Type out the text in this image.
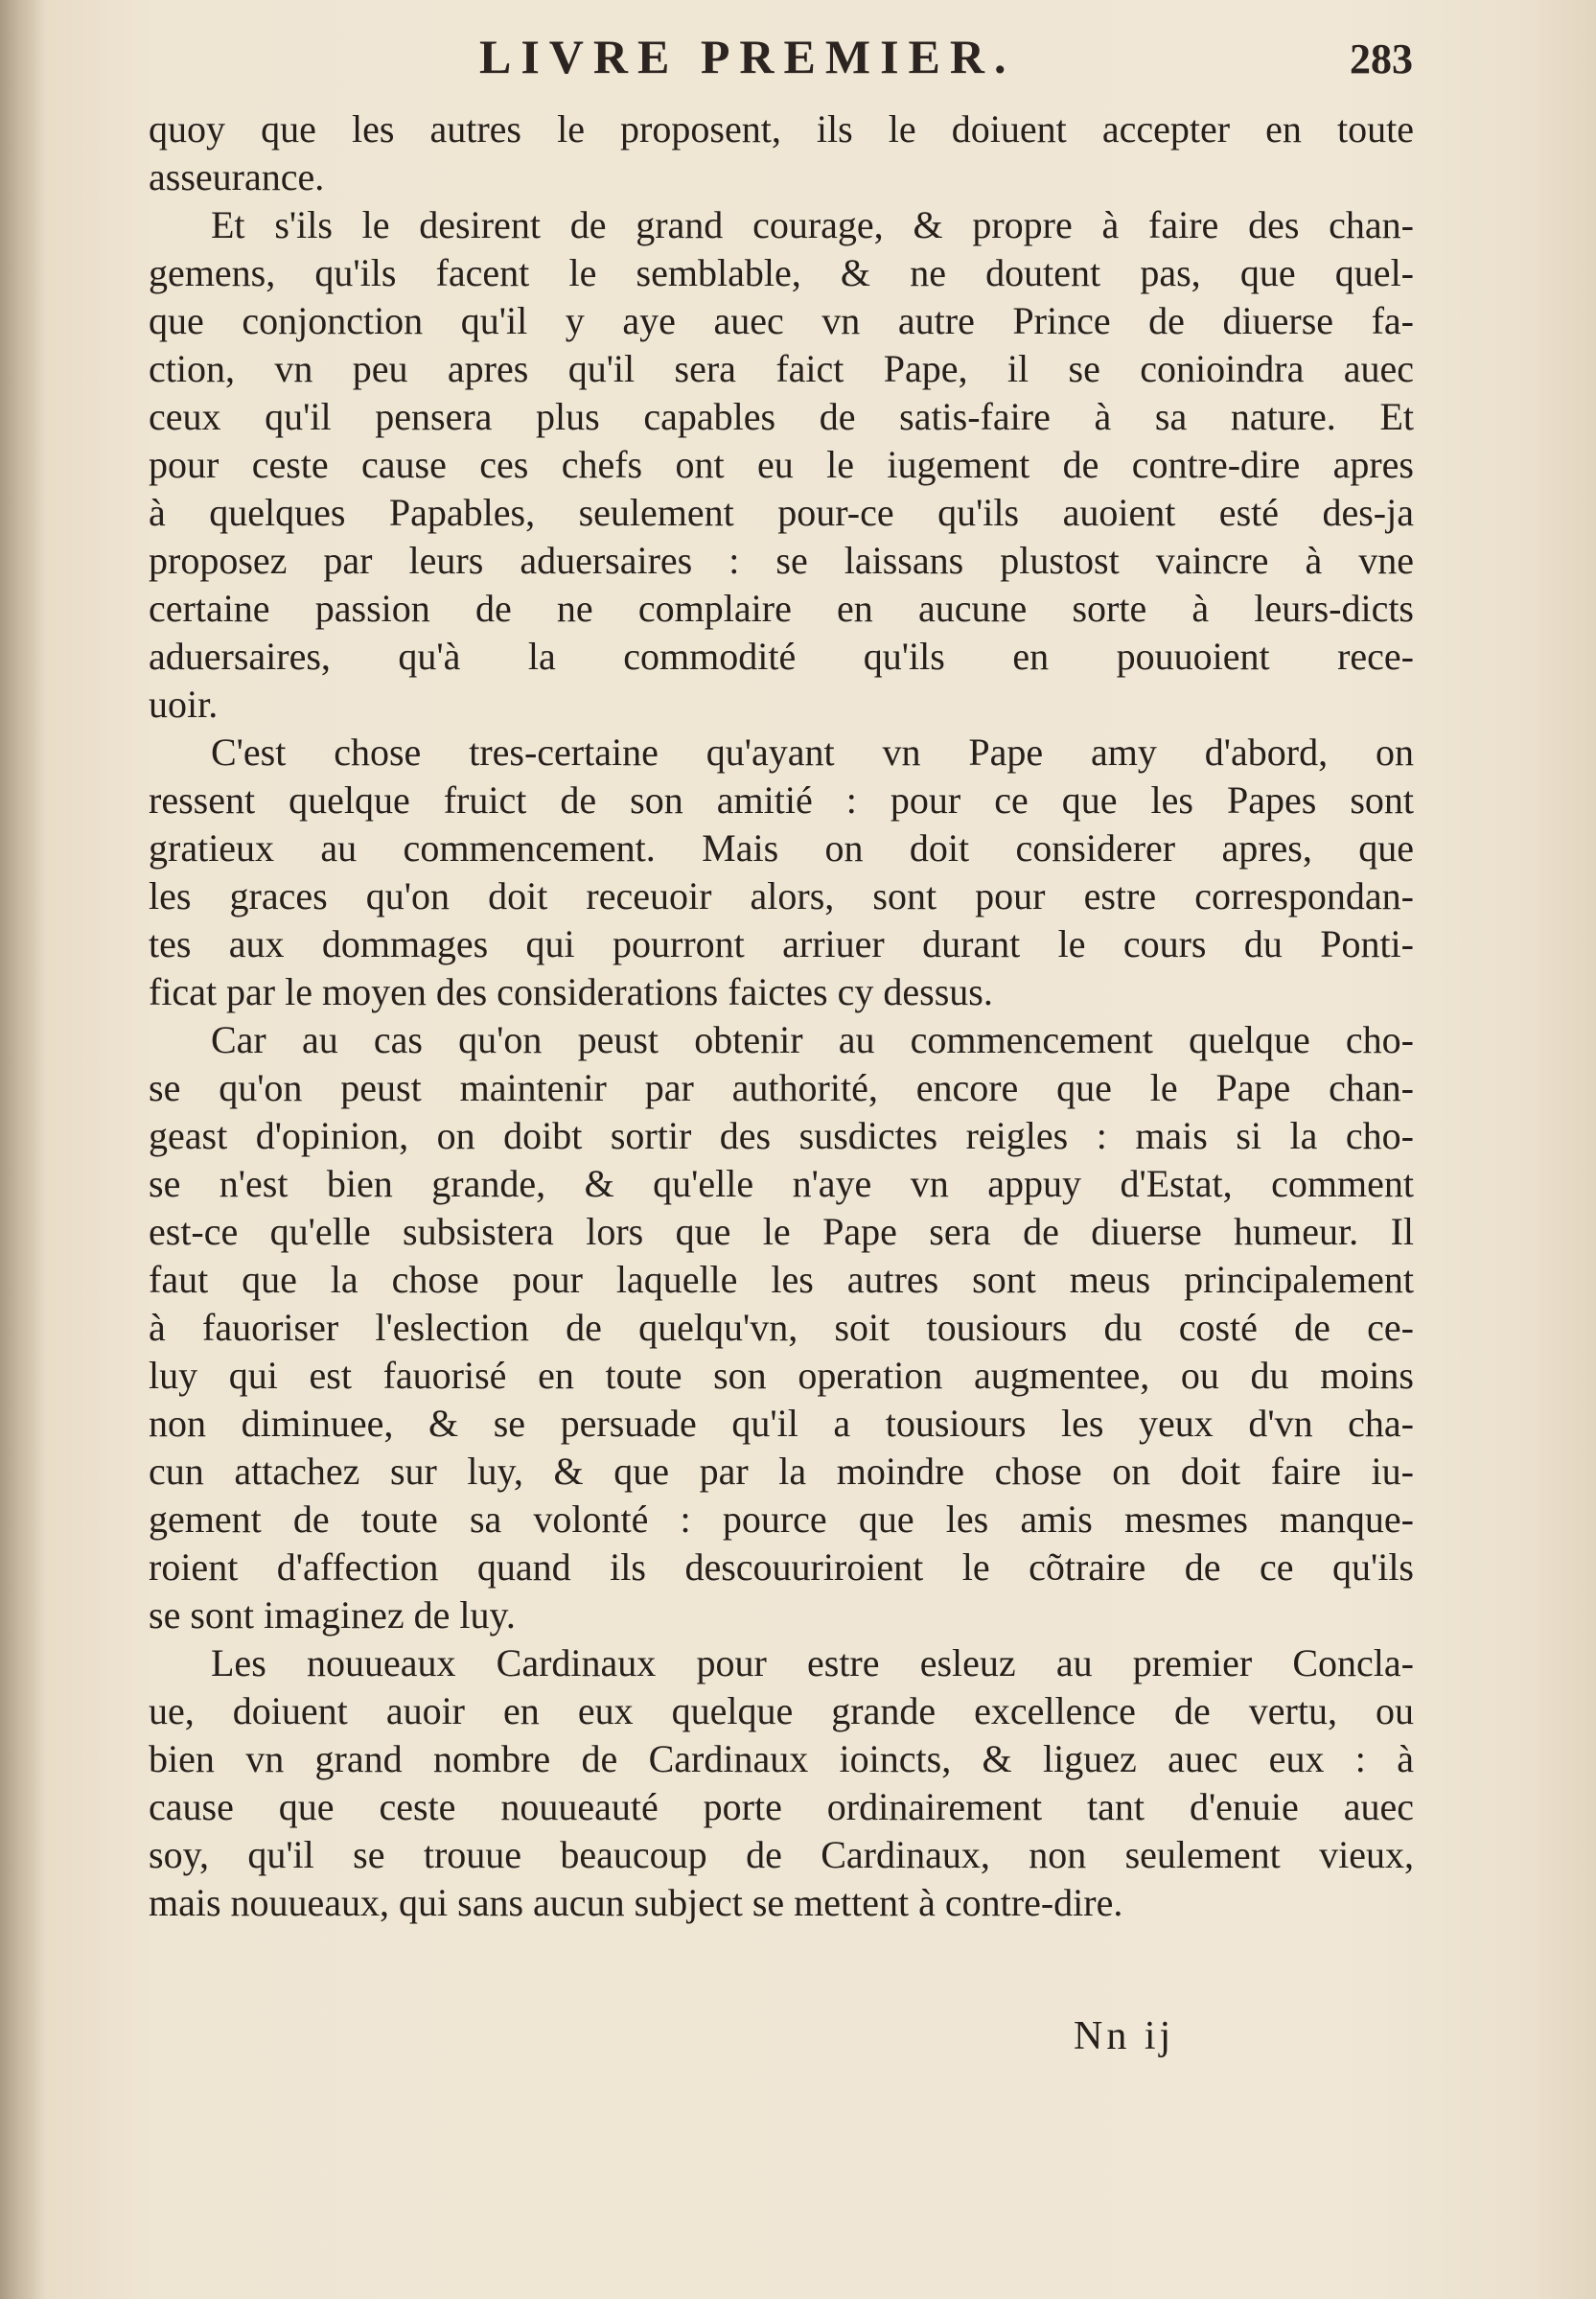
LIVRE PREMIER.	283
quoy que les autres le proposent, ils le doiuent accepter en toute
asseurance.
Et s'ils le desirent de grand courage, & propre à faire des chan-
gemens, qu'ils facent le semblable, & ne doutent pas, que quel-
que conjonction qu'il y aye auec vn autre Prince de diuerse fa-
ction, vn peu apres qu'il sera faict Pape, il se conioindra auec
ceux qu'il pensera plus capables de satis-faire à sa nature. Et
pour ceste cause ces chefs ont eu le iugement de contre-dire apres
à quelques Papables, seulement pour-ce qu'ils auoient esté des-ja
proposez par leurs aduersaires : se laissans plustost vaincre à vne
certaine passion de ne complaire en aucune sorte à leurs-dicts
aduersaires, qu'à la commodité qu'ils en pouuoient rece-
uoir.
C'est chose tres-certaine qu'ayant vn Pape amy d'abord, on
ressent quelque fruict de son amitié : pour ce que les Papes sont
gratieux au commencement. Mais on doit considerer apres, que
les graces qu'on doit receuoir alors, sont pour estre correspondan-
tes aux dommages qui pourront arriuer durant le cours du Ponti-
ficat par le moyen des considerations faictes cy dessus.
Car au cas qu'on peust obtenir au commencement quelque cho-
se qu'on peust maintenir par authorité, encore que le Pape chan-
geast d'opinion, on doibt sortir des susdictes reigles : mais si la cho-
se n'est bien grande, & qu'elle n'aye vn appuy d'Estat, comment
est-ce qu'elle subsistera lors que le Pape sera de diuerse humeur. Il
faut que la chose pour laquelle les autres sont meus principalement
à fauoriser l'eslection de quelqu'vn, soit tousiours du costé de ce-
luy qui est fauorisé en toute son operation augmentee, ou du moins
non diminuee, & se persuade qu'il a tousiours les yeux d'vn cha-
cun attachez sur luy, & que par la moindre chose on doit faire iu-
gement de toute sa volonté : pource que les amis mesmes manque-
roient d'affection quand ils descouuriroient le cõtraire de ce qu'ils
se sont imaginez de luy.
Les nouueaux Cardinaux pour estre esleuz au premier Concla-
ue, doiuent auoir en eux quelque grande excellence de vertu, ou
bien vn grand nombre de Cardinaux ioincts, & liguez auec eux : à
cause que ceste nouueauté porte ordinairement tant d'enuie auec
soy, qu'il se trouue beaucoup de Cardinaux, non seulement vieux,
mais nouueaux, qui sans aucun subject se mettent à contre-dire.
Nn ij
